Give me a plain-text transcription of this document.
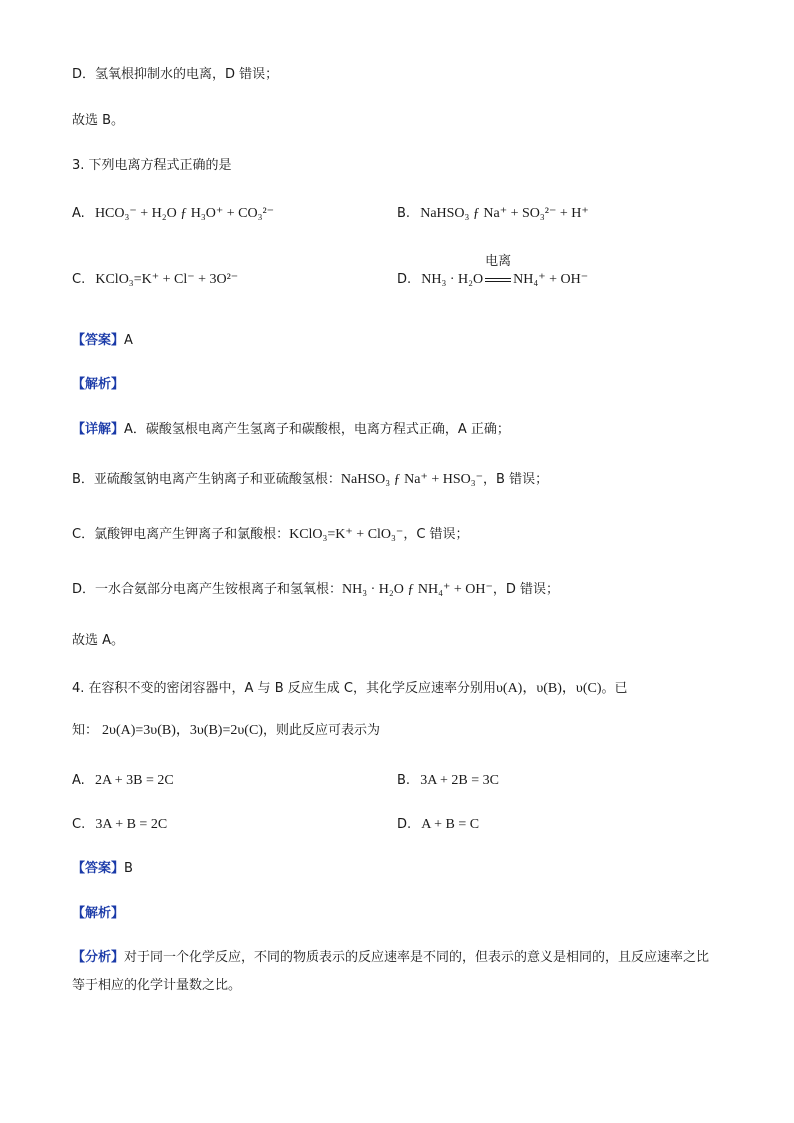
D．氢氧根抑制水的电离，D 错误；
故选 B。
3. 下列电离方程式正确的是
A. HCO₃⁻ + H₂O ƒ H₃O⁺ + CO₃²⁻	B. NaHSO₃ ƒ Na⁺ + SO₃²⁻ + H⁺
C. KClO₃=K⁺ + Cl⁻ + 3O²⁻	D. NH₃ · H₂O
电离
NH₄⁺ + OH⁻
【答案】A
【解析】
【详解】A．碳酸氢根电离产生氢离子和碳酸根，电离方程式正确，A 正确；
B．亚硫酸氢钠电离产生钠离子和亚硫酸氢根：NaHSO₃ ƒ Na⁺ + HSO₃⁻，B 错误；
C．氯酸钾电离产生钾离子和氯酸根：KClO₃=K⁺ + ClO₃⁻，C 错误；
D．一水合氨部分电离产生铵根离子和氢氧根：NH₃ · H₂O ƒ NH₄⁺ + OH⁻，D 错误；
故选 A。
4. 在容积不变的密闭容器中，A 与 B 反应生成 C，其化学反应速率分别用υ(A)，υ(B)，υ(C)。已
知： 2υ(A)=3υ(B)，3υ(B)=2υ(C)，则此反应可表示为
A. 2A + 3B = 2C	B. 3A + 2B = 3C
C. 3A + B = 2C	D. A + B = C
【答案】B
【解析】
【分析】对于同一个化学反应，不同的物质表示的反应速率是不同的，但表示的意义是相同的，且反应速率之比等于相应的化学计量数之比。
